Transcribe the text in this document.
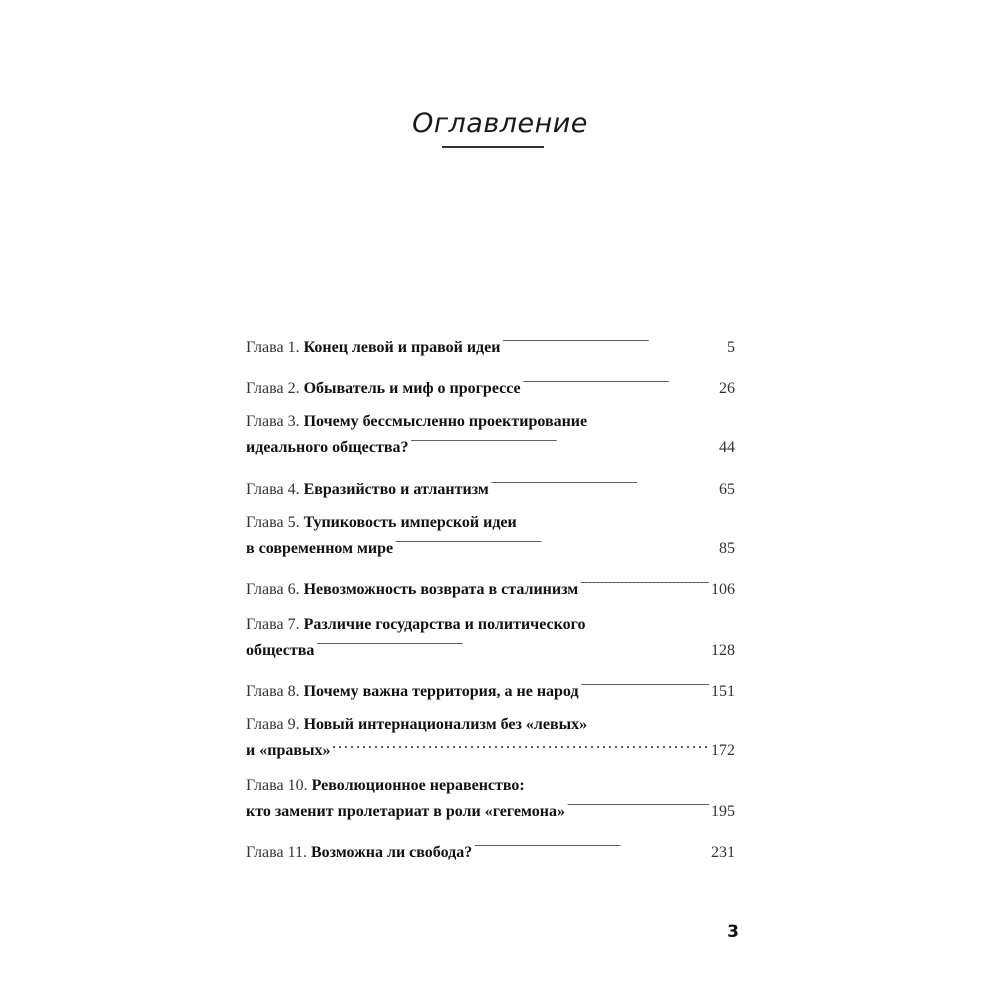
Оглавление
Глава 1.
Конец левой и правой идеи . . .	5
Глава 2.
Обыватель и миф о прогрессе . . .	26
Глава 3.
Почему бессмысленно проектирование
идеального общества? . . .	44
Глава 4.
Евразийство и атлантизм . . .	65
Глава 5.
Тупиковость имперской идеи
в современном мире . . .	85
Глава 6.
Невозможность возврата в сталинизм . . .	106
Глава 7.
Различие государства и политического
общества . . .	128
Глава 8.
Почему важна территория, а не народ . . .	151
Глава 9.
Новый интернационализм без «левых»
и «правых» . . .	172
Глава 10.
Революционное неравенство:
кто заменит пролетариат в роли «гегемона» . . .	195
Глава 11.
Возможна ли свобода? . . .	231
3
